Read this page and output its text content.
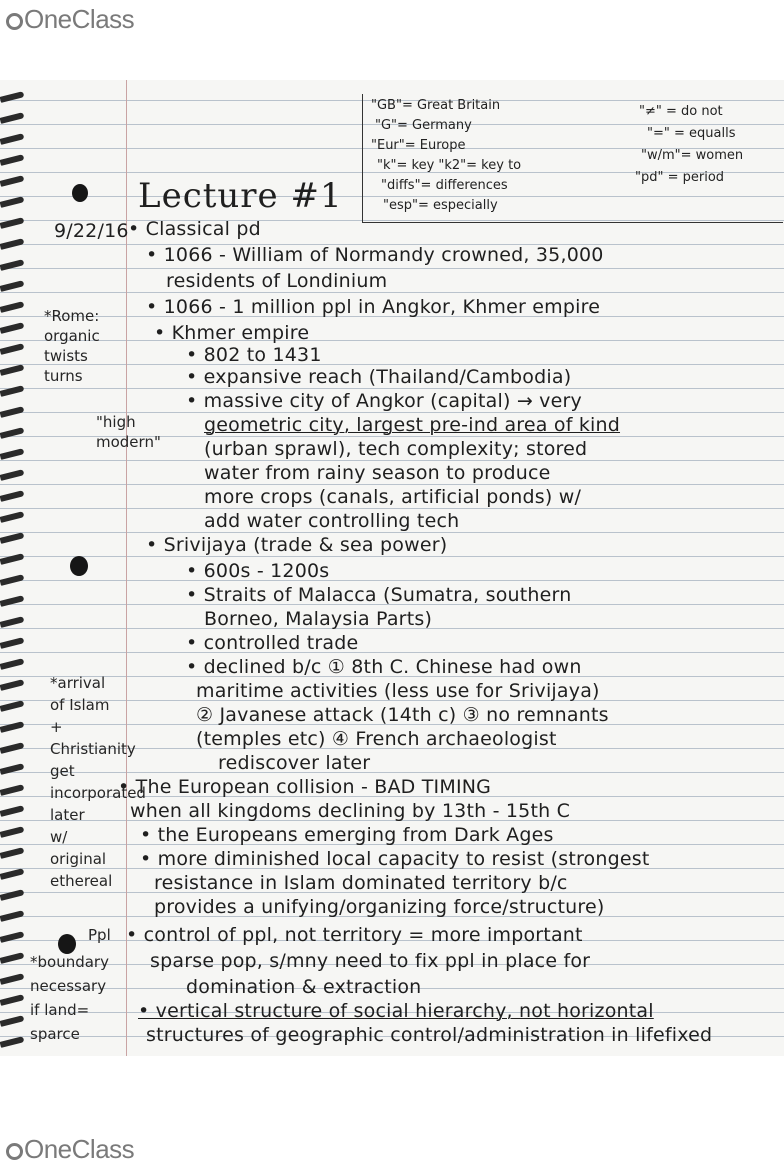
OneClass
"GB"= Great Britain
"G"= Germany
"Eur"= Europe
"k"= key "k2"= key to
"diffs"= differences
"esp"= especially
"≠" = do not
"=" = equalls
"w/m"= women
"pd" = period
Lecture #1
9/22/16 • Classical pd
• 1066 - William of Normandy crowned, 35,000
residents of Londinium
• 1066 - 1 million ppl in Angkor, Khmer empire
• Khmer empire
• 802 to 1431
• expansive reach (Thailand/Cambodia)
• massive city of Angkor (capital) → very
geometric city, largest pre-ind area of kind
(urban sprawl), tech complexity; stored
water from rainy season to produce
more crops (canals, artificial ponds) w/
add water controlling tech
• Srivijaya (trade & sea power)
• 600s - 1200s
• Straits of Malacca (Sumatra, southern
Borneo, Malaysia Parts)
• controlled trade
• declined b/c ① 8th C. Chinese had own
maritime activities (less use for Srivijaya)
② Javanese attack (14th c) ③ no remnants
(temples etc) ④ French archaeologist
rediscover later
• The European collision - BAD TIMING
when all kingdoms declining by 13th - 15th C
• the Europeans emerging from Dark Ages
• more diminished local capacity to resist (strongest
resistance in Islam dominated territory b/c
provides a unifying/organizing force/structure)
• control of ppl, not territory = more important
sparse pop, s/mny need to fix ppl in place for
domination & extraction
• vertical structure of social hierarchy, not horizontal
structures of geographic control/administration in lifefixed
*Rome:
organic
twists
turns
"high
modern"
*arrival
of Islam
+
Christianity
get
incorporated
later
w/
original
ethereal
Ppl
*boundary
necessary
if land=
sparce
OneClass
